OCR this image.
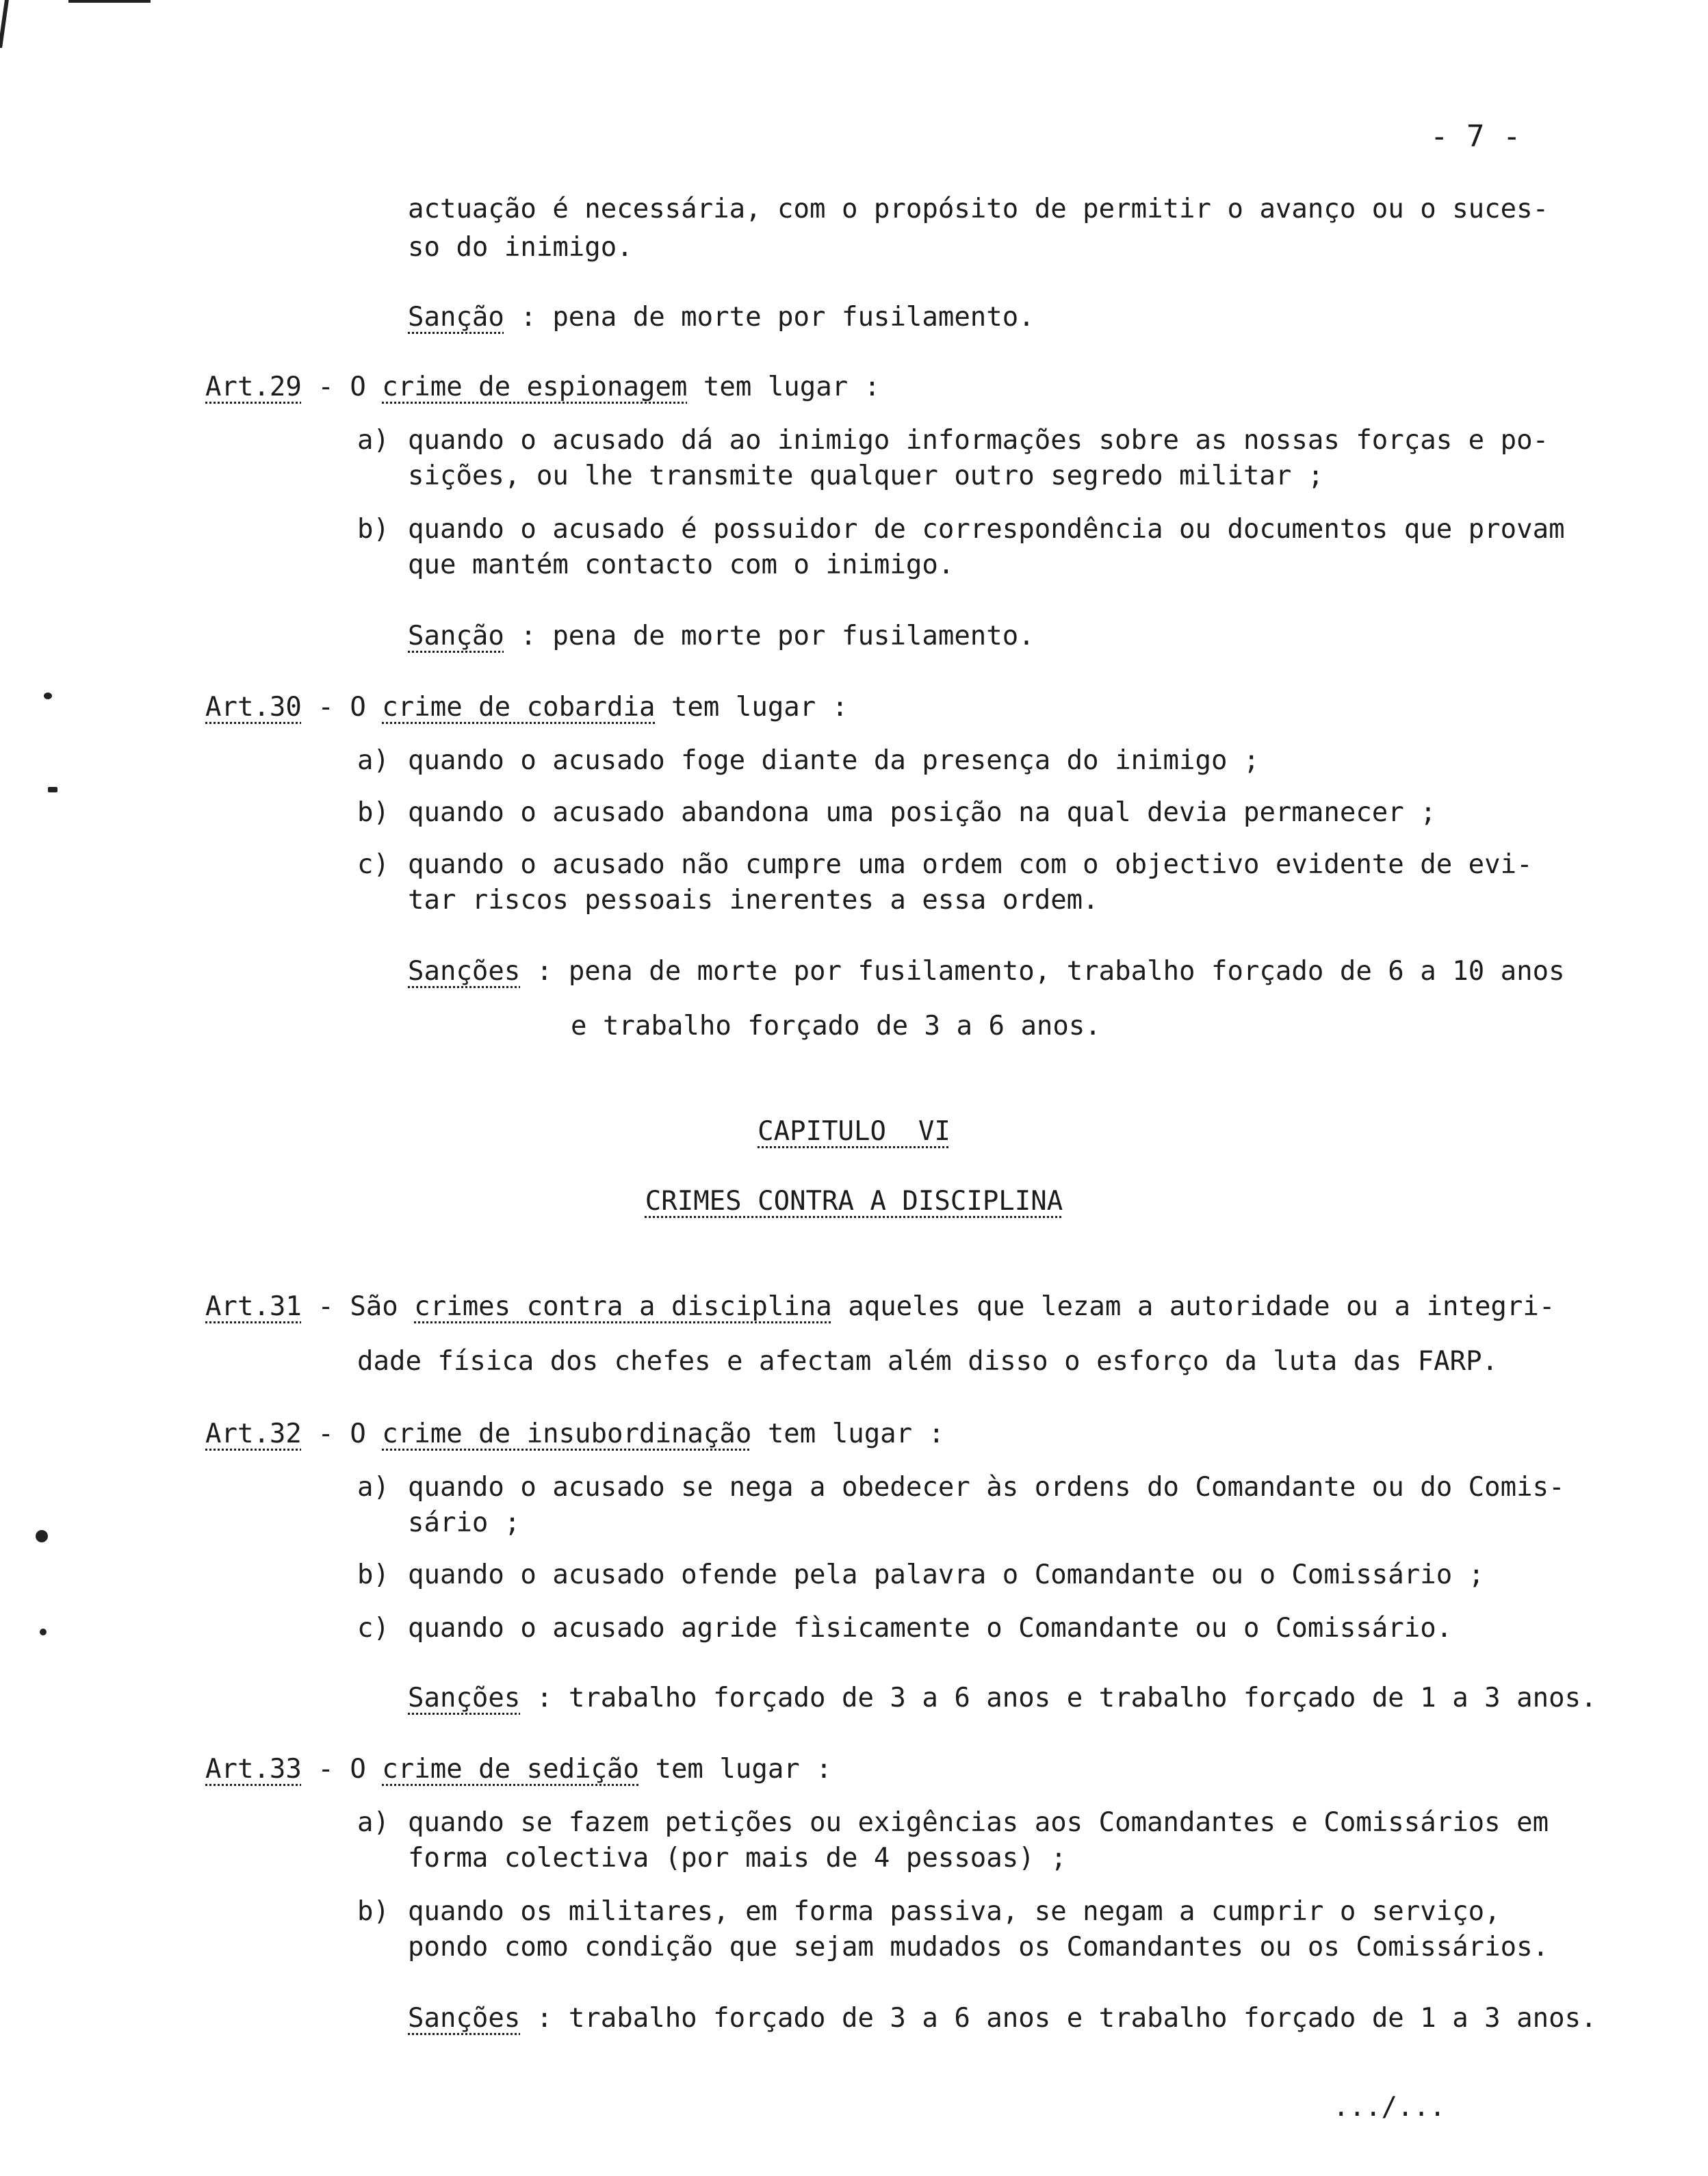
- 7 -
actuação é necessária, com o propósito de permitir o avanço ou o suces-
so do inimigo.
Sanção : pena de morte por fusilamento.
Art.29 - O crime de espionagem tem lugar :
a) quando o acusado dá ao inimigo informações sobre as nossas forças e po-
sições, ou lhe transmite qualquer outro segredo militar ;
b) quando o acusado é possuidor de correspondência ou documentos que provam
que mantém contacto com o inimigo.
Sanção : pena de morte por fusilamento.
Art.30 - O crime de cobardia tem lugar :
a) quando o acusado foge diante da presença do inimigo ;
b) quando o acusado abandona uma posição na qual devia permanecer ;
c) quando o acusado não cumpre uma ordem com o objectivo evidente de evi-
tar riscos pessoais inerentes a essa ordem.
Sanções : pena de morte por fusilamento, trabalho forçado de 6 a 10 anos
e trabalho forçado de 3 a 6 anos.
CAPITULO  VI
CRIMES CONTRA A DISCIPLINA
Art.31 - São crimes contra a disciplina aqueles que lezam a autoridade ou a integri-
dade física dos chefes e afectam além disso o esforço da luta das FARP.
Art.32 - O crime de insubordinação tem lugar :
a) quando o acusado se nega a obedecer às ordens do Comandante ou do Comis-
sário ;
b) quando o acusado ofende pela palavra o Comandante ou o Comissário ;
c) quando o acusado agride fìsicamente o Comandante ou o Comissário.
Sanções : trabalho forçado de 3 a 6 anos e trabalho forçado de 1 a 3 anos.
Art.33 - O crime de sedição tem lugar :
a) quando se fazem petições ou exigências aos Comandantes e Comissários em
forma colectiva (por mais de 4 pessoas) ;
b) quando os militares, em forma passiva, se negam a cumprir o serviço,
pondo como condição que sejam mudados os Comandantes ou os Comissários.
Sanções : trabalho forçado de 3 a 6 anos e trabalho forçado de 1 a 3 anos.
.../...
